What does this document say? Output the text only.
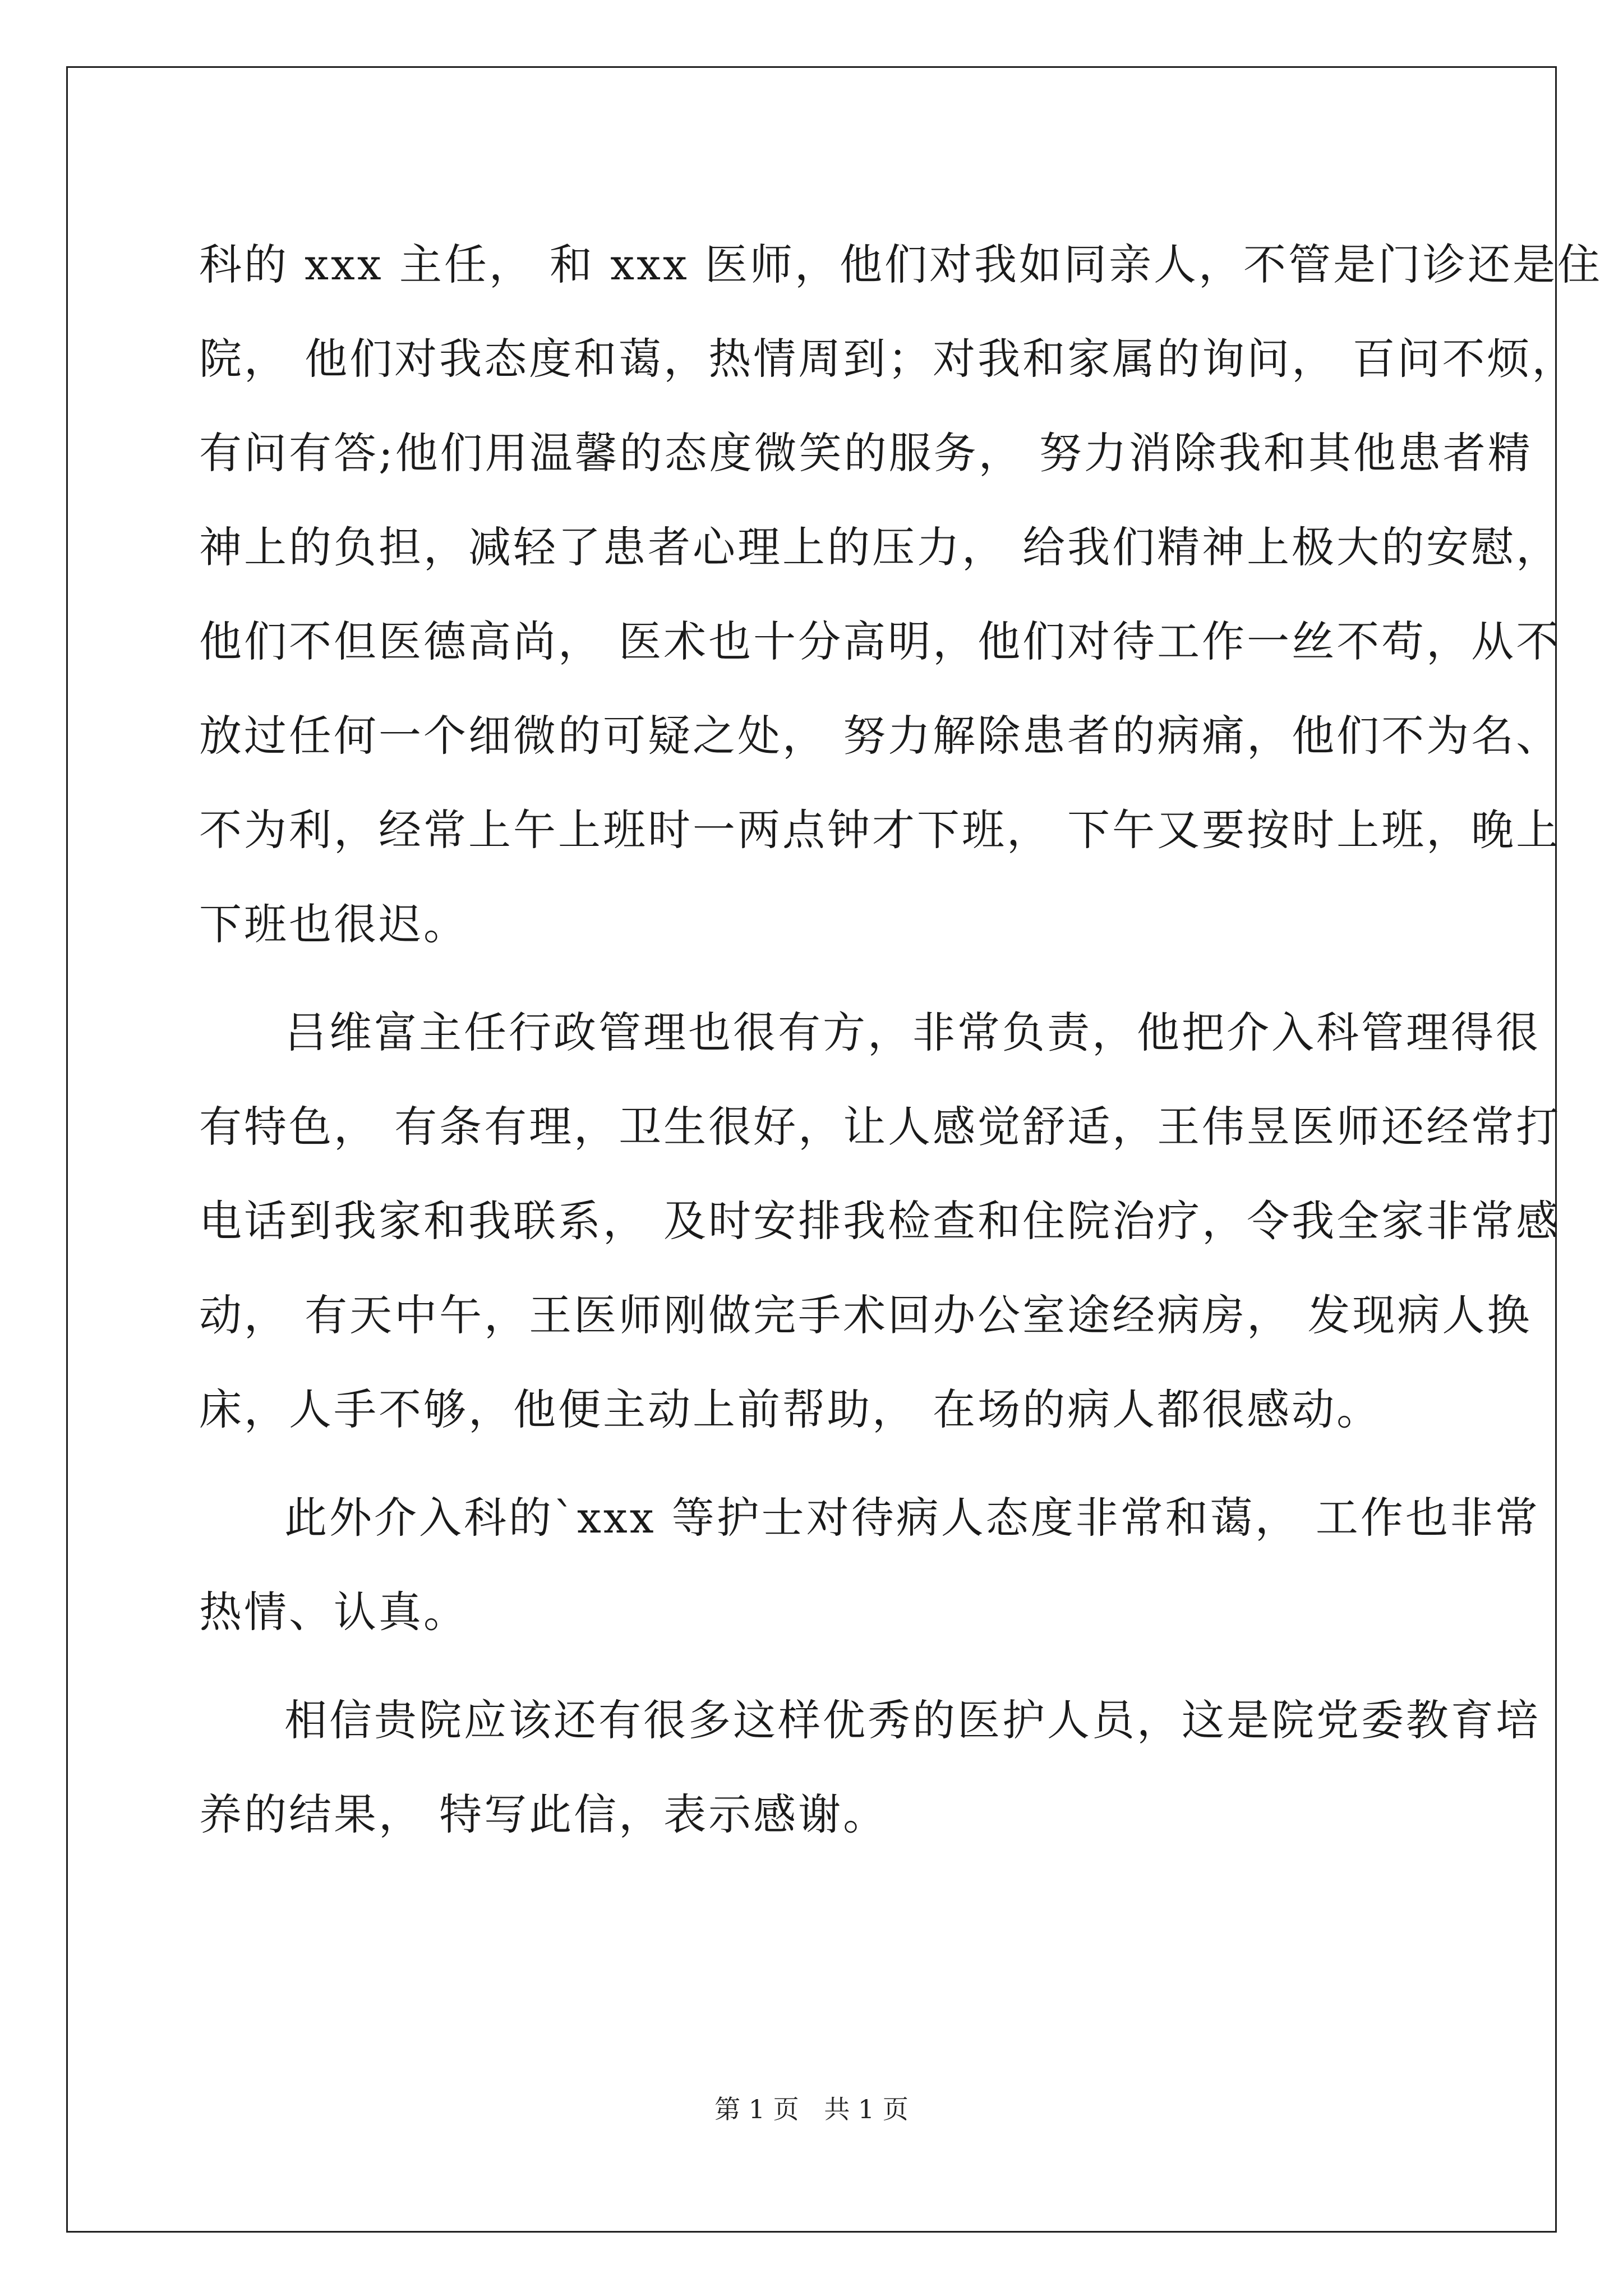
科的 xxx 主任， 和 xxx 医师，他们对我如同亲人，不管是门诊还是住
院， 他们对我态度和蔼，热情周到；对我和家属的询问， 百问不烦，
有问有答;他们用温馨的态度微笑的服务， 努力消除我和其他患者精
神上的负担，减轻了患者心理上的压力， 给我们精神上极大的安慰，
他们不但医德高尚， 医术也十分高明，他们对待工作一丝不苟，从不
放过任何一个细微的可疑之处， 努力解除患者的病痛，他们不为名、
不为利，经常上午上班时一两点钟才下班， 下午又要按时上班，晚上
下班也很迟。
吕维富主任行政管理也很有方，非常负责，他把介入科管理得很
有特色， 有条有理，卫生很好，让人感觉舒适，王伟昱医师还经常打
电话到我家和我联系， 及时安排我检查和住院治疗，令我全家非常感
动， 有天中午，王医师刚做完手术回办公室途经病房， 发现病人换
床，人手不够，他便主动上前帮助， 在场的病人都很感动。
此外介入科的`xxx 等护士对待病人态度非常和蔼， 工作也非常
热情、认真。
相信贵院应该还有很多这样优秀的医护人员，这是院党委教育培
养的结果， 特写此信，表示感谢。
第 1 页 共 1 页
